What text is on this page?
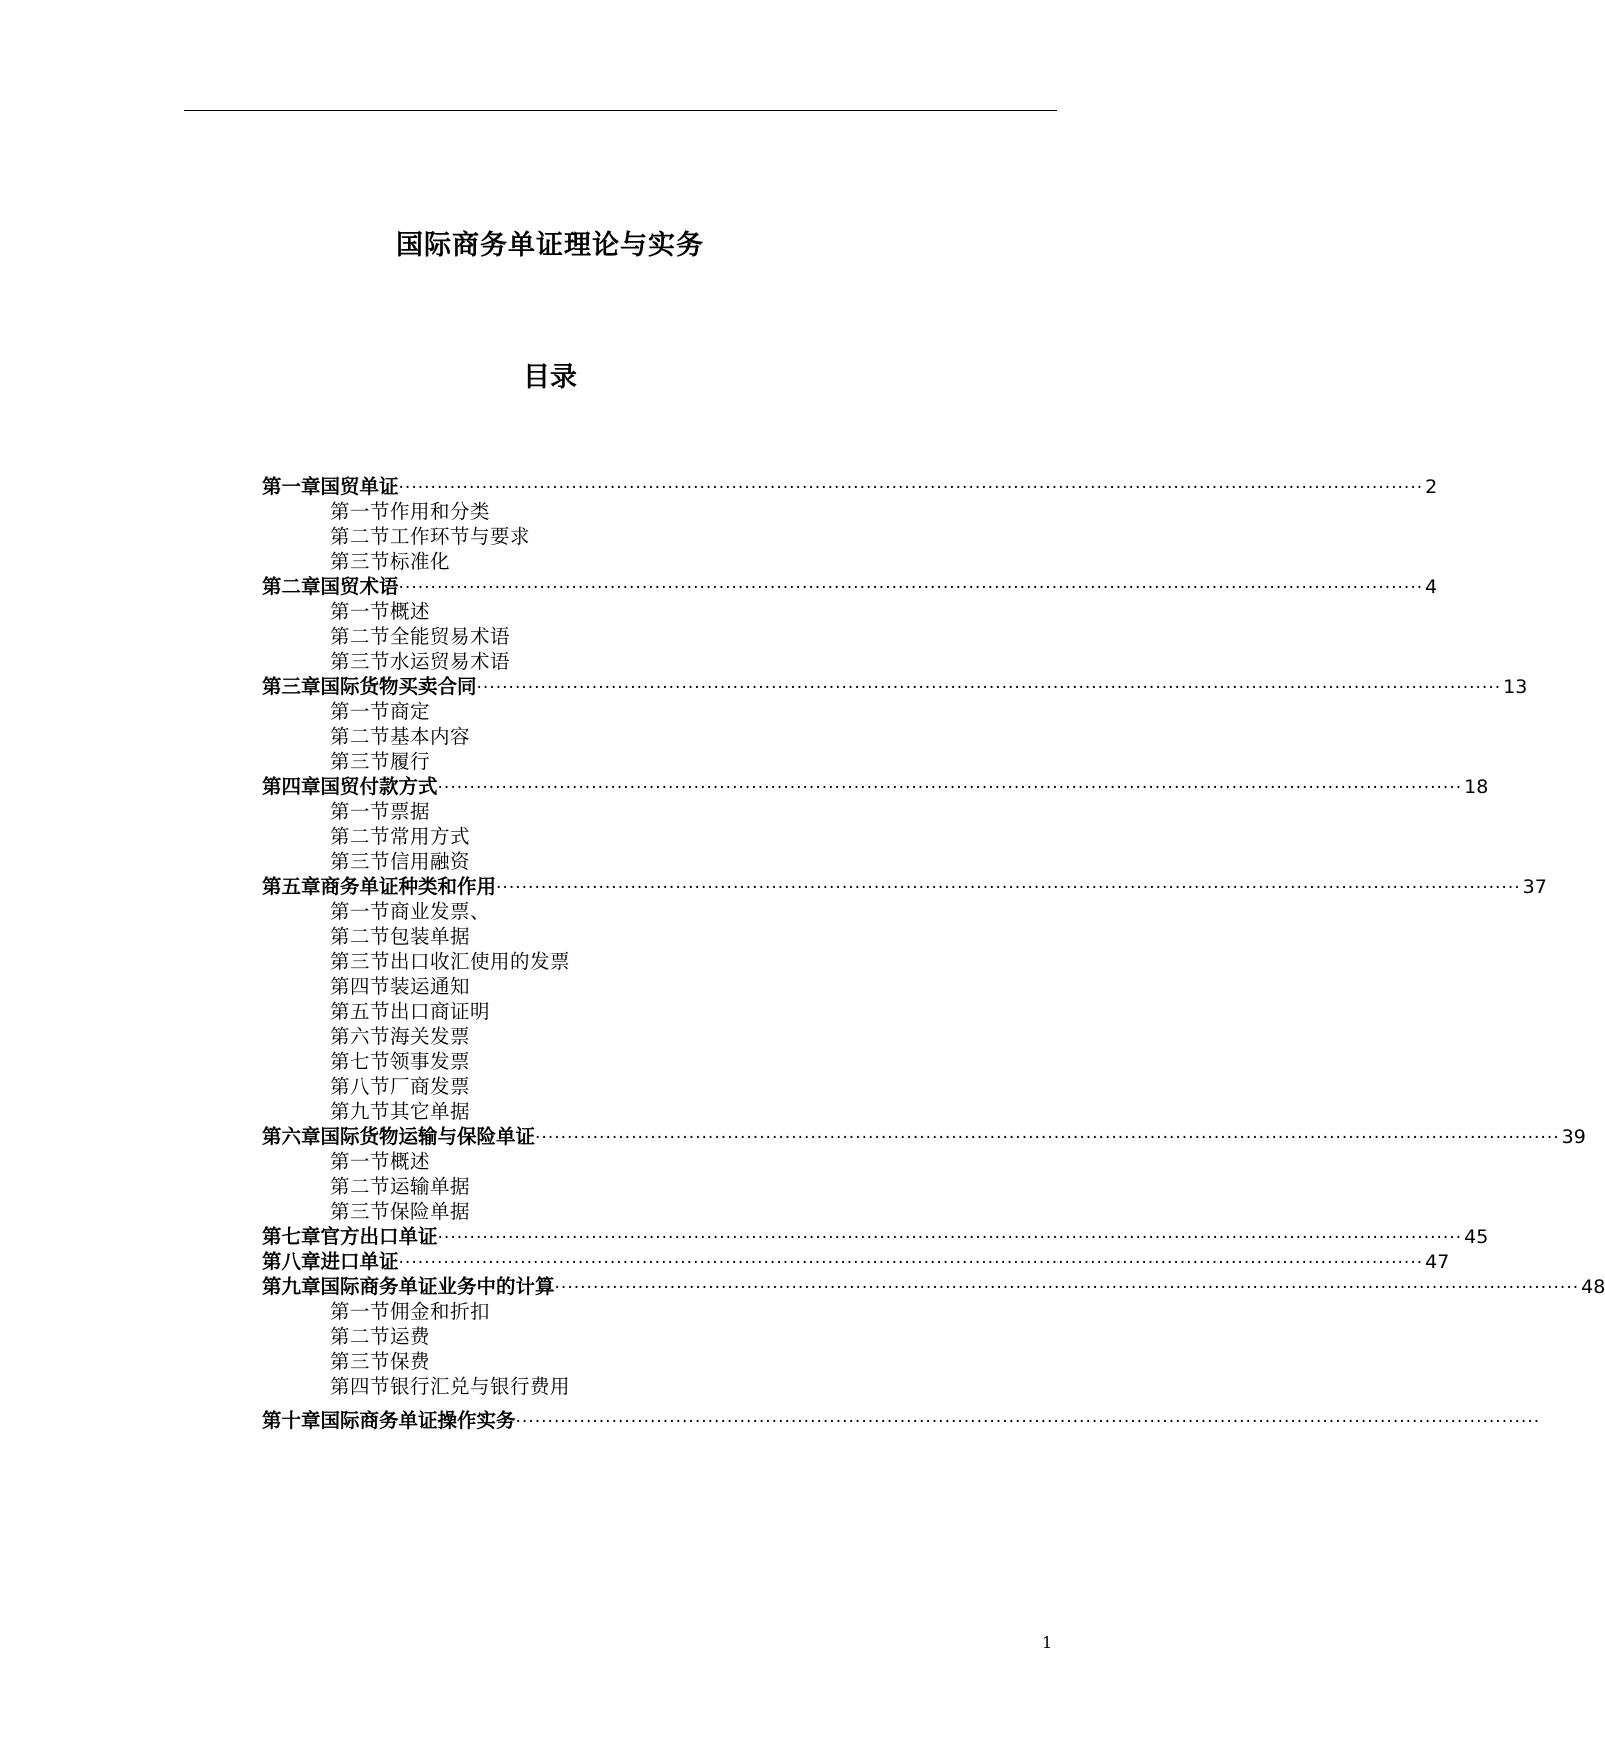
国际商务单证理论与实务
目录
第一章国贸单证 ································································································································································ 2
第一节作用和分类
第二节工作环节与要求
第三节标准化
第二章国贸术语 ································································································································································ 4
第一节概述
第二节全能贸易术语
第三节水运贸易术语
第三章国际货物买卖合同 ································································································································································ 13
第一节商定
第二节基本内容
第三节履行
第四章国贸付款方式 ································································································································································ 18
第一节票据
第二节常用方式
第三节信用融资
第五章商务单证种类和作用 ································································································································································ 37
第一节商业发票、
第二节包装单据
第三节出口收汇使用的发票
第四节装运通知
第五节出口商证明
第六节海关发票
第七节领事发票
第八节厂商发票
第九节其它单据
第六章国际货物运输与保险单证 ································································································································································ 39
第一节概述
第二节运输单据
第三节保险单据
第七章官方出口单证 ································································································································································ 45
第八章进口单证 ································································································································································ 47
第九章国际商务单证业务中的计算 ································································································································································ 48
第一节佣金和折扣
第二节运费
第三节保费
第四节银行汇兑与银行费用
第十章国际商务单证操作实务 ································································································································································
1
